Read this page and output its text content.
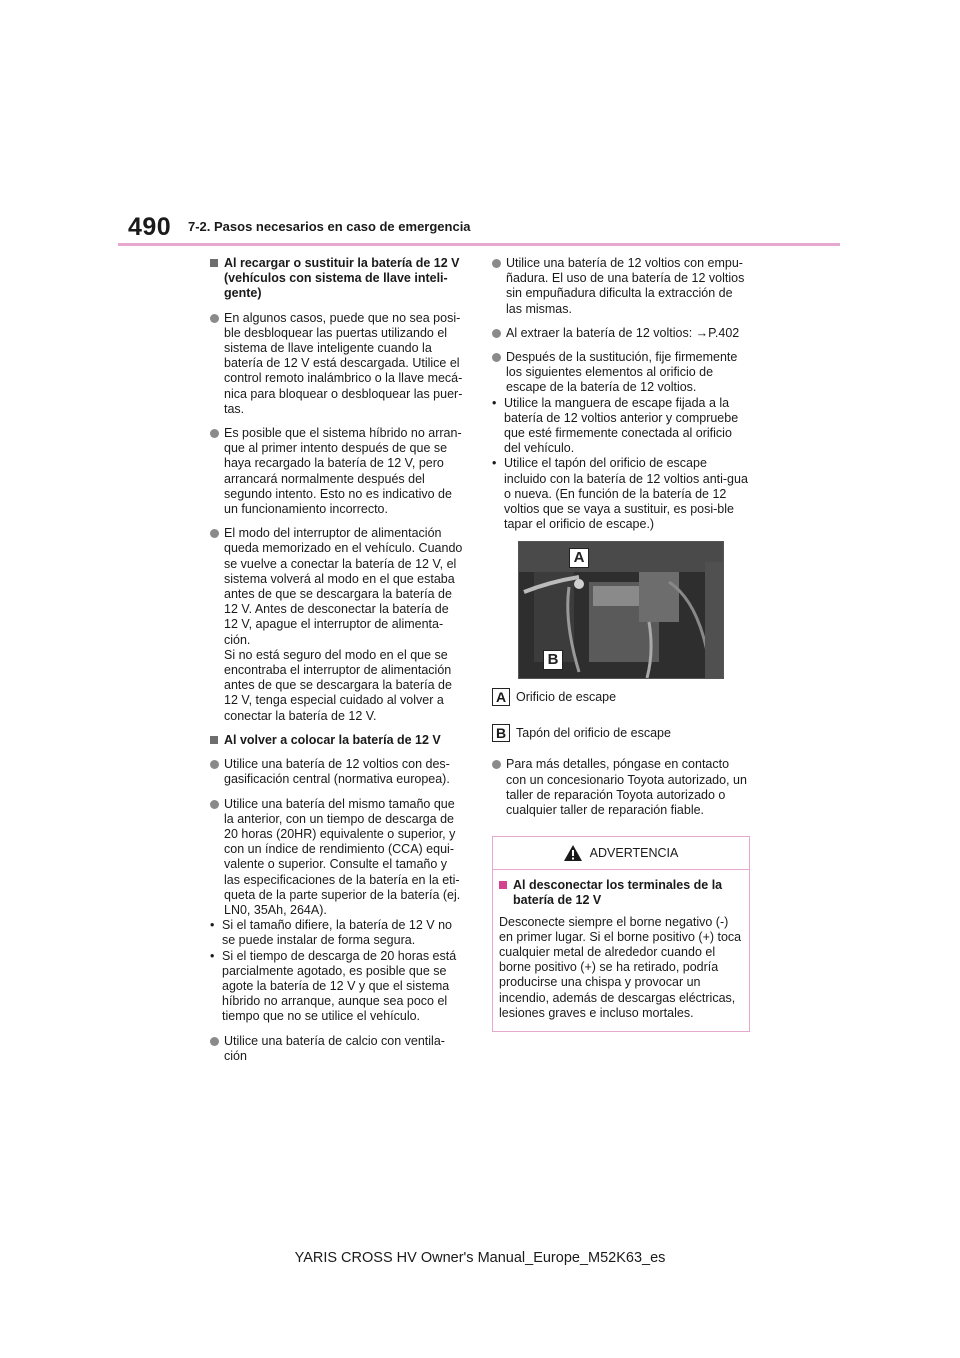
490 7-2. Pasos necesarios en caso de emergencia
Al recargar o sustituir la batería de 12 V (vehículos con sistema de llave inteli-gente)
En algunos casos, puede que no sea posi-ble desbloquear las puertas utilizando el sistema de llave inteligente cuando la batería de 12 V está descargada. Utilice el control remoto inalámbrico o la llave mecá-nica para bloquear o desbloquear las puer-tas.
Es posible que el sistema híbrido no arran-que al primer intento después de que se haya recargado la batería de 12 V, pero arrancará normalmente después del segundo intento. Esto no es indicativo de un funcionamiento incorrecto.
El modo del interruptor de alimentación queda memorizado en el vehículo. Cuando se vuelve a conectar la batería de 12 V, el sistema volverá al modo en el que estaba antes de que se descargara la batería de 12 V. Antes de desconectar la batería de 12 V, apague el interruptor de alimenta-ción.
Si no está seguro del modo en el que se encontraba el interruptor de alimentación antes de que se descargara la batería de 12 V, tenga especial cuidado al volver a conectar la batería de 12 V.
Al volver a colocar la batería de 12 V
Utilice una batería de 12 voltios con des-gasificación central (normativa europea).
Utilice una batería del mismo tamaño que la anterior, con un tiempo de descarga de 20 horas (20HR) equivalente o superior, y con un índice de rendimiento (CCA) equi-valente o superior. Consulte el tamaño y las especificaciones de la batería en la eti-queta de la parte superior de la batería (ej. LN0, 35Ah, 264A).
• Si el tamaño difiere, la batería de 12 V no se puede instalar de forma segura.
• Si el tiempo de descarga de 20 horas está parcialmente agotado, es posible que se agote la batería de 12 V y que el sistema híbrido no arranque, aunque sea poco el tiempo que no se utilice el vehículo.
Utilice una batería de calcio con ventila-ción
Utilice una batería de 12 voltios con empu-ñadura. El uso de una batería de 12 voltios sin empuñadura dificulta la extracción de las mismas.
Al extraer la batería de 12 voltios: →P.402
Después de la sustitución, fije firmemente los siguientes elementos al orificio de escape de la batería de 12 voltios.
• Utilice la manguera de escape fijada a la batería de 12 voltios anterior y compruebe que esté firmemente conectada al orificio del vehículo.
• Utilice el tapón del orificio de escape incluido con la batería de 12 voltios anti-gua o nueva. (En función de la batería de 12 voltios que se vaya a sustituir, es posi-ble tapar el orificio de escape.)
A
B
A Orificio de escape
B Tapón del orificio de escape
Para más detalles, póngase en contacto con un concesionario Toyota autorizado, un taller de reparación Toyota autorizado o cualquier taller de reparación fiable.
ADVERTENCIA
Al desconectar los terminales de la batería de 12 V
Desconecte siempre el borne negativo (-) en primer lugar. Si el borne positivo (+) toca cualquier metal de alrededor cuando el borne positivo (+) se ha retirado, podría producirse una chispa y provocar un incendio, además de descargas eléctricas, lesiones graves e incluso mortales.
YARIS CROSS HV Owner's Manual_Europe_M52K63_es
